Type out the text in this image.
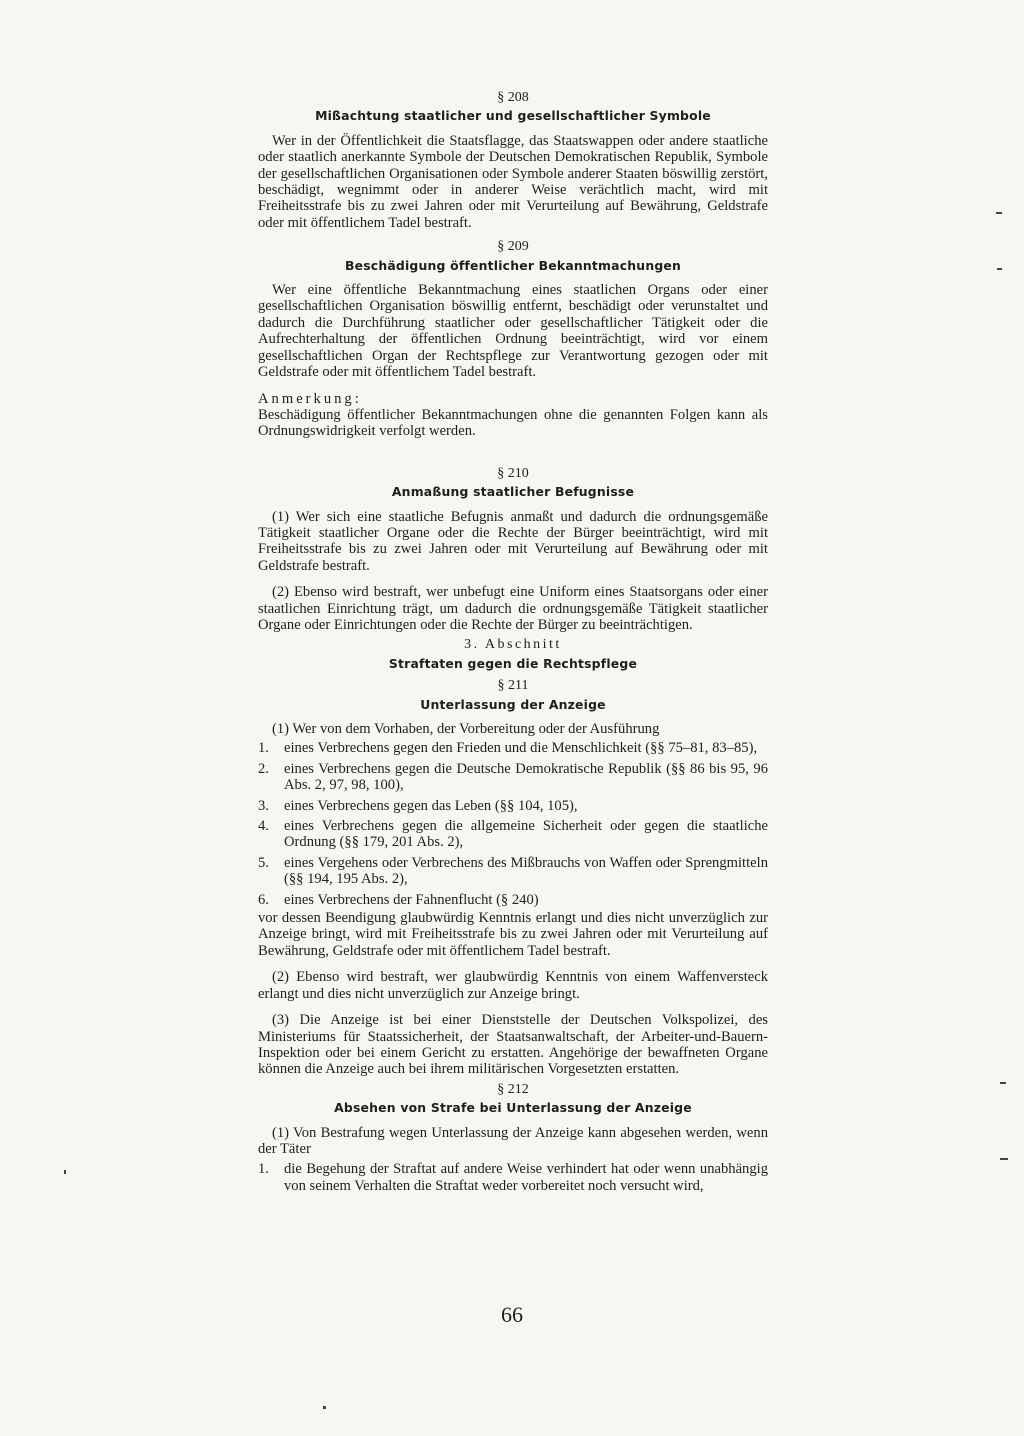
§ 208
Mißachtung staatlicher und gesellschaftlicher Symbole

Wer in der Öffentlichkeit die Staatsflagge, das Staatswappen oder andere staatliche oder staatlich anerkannte Symbole der Deutschen Demokratischen Republik, Symbole der gesellschaftlichen Organisationen oder Symbole anderer Staaten böswillig zerstört, beschädigt, wegnimmt oder in anderer Weise verächtlich macht, wird mit Freiheitsstrafe bis zu zwei Jahren oder mit Verurteilung auf Bewährung, Geldstrafe oder mit öffentlichem Tadel bestraft.

§ 209
Beschädigung öffentlicher Bekanntmachungen

Wer eine öffentliche Bekanntmachung eines staatlichen Organs oder einer gesellschaftlichen Organisation böswillig entfernt, beschädigt oder verunstaltet und dadurch die Durchführung staatlicher oder gesellschaftlicher Tätigkeit oder die Aufrechterhaltung der öffentlichen Ordnung beeinträchtigt, wird vor einem gesellschaftlichen Organ der Rechtspflege zur Verantwortung gezogen oder mit Geldstrafe oder mit öffentlichem Tadel bestraft.

Anmerkung:

Beschädigung öffentlicher Bekanntmachungen ohne die genannten Folgen kann als Ordnungswidrigkeit verfolgt werden.

§ 210
Anmaßung staatlicher Befugnisse

(1) Wer sich eine staatliche Befugnis anmaßt und dadurch die ordnungsgemäße Tätigkeit staatlicher Organe oder die Rechte der Bürger beeinträchtigt, wird mit Freiheitsstrafe bis zu zwei Jahren oder mit Verurteilung auf Bewährung oder mit Geldstrafe bestraft.

(2) Ebenso wird bestraft, wer unbefugt eine Uniform eines Staatsorgans oder einer staatlichen Einrichtung trägt, um dadurch die ordnungsgemäße Tätigkeit staatlicher Organe oder Einrichtungen oder die Rechte der Bürger zu beeinträchtigen.

3. Abschnitt
Straftaten gegen die Rechtspflege
§ 211
Unterlassung der Anzeige

(1) Wer von dem Vorhaben, der Vorbereitung oder der Ausführung

1.	eines Verbrechens gegen den Frieden und die Menschlichkeit (§§ 75–81, 83–85),
2.	eines Verbrechens gegen die Deutsche Demokratische Republik (§§ 86 bis 95, 96 Abs. 2, 97, 98, 100),
3.	eines Verbrechens gegen das Leben (§§ 104, 105),
4.	eines Verbrechens gegen die allgemeine Sicherheit oder gegen die staatliche Ordnung (§§ 179, 201 Abs. 2),
5.	eines Vergehens oder Verbrechens des Mißbrauchs von Waffen oder Sprengmitteln (§§ 194, 195 Abs. 2),
6.	eines Verbrechens der Fahnenflucht (§ 240)

vor dessen Beendigung glaubwürdig Kenntnis erlangt und dies nicht unverzüglich zur Anzeige bringt, wird mit Freiheitsstrafe bis zu zwei Jahren oder mit Verurteilung auf Bewährung, Geldstrafe oder mit öffentlichem Tadel bestraft.

(2) Ebenso wird bestraft, wer glaubwürdig Kenntnis von einem Waffenversteck erlangt und dies nicht unverzüglich zur Anzeige bringt.

(3) Die Anzeige ist bei einer Dienststelle der Deutschen Volkspolizei, des Ministeriums für Staatssicherheit, der Staatsanwaltschaft, der Arbeiter-und-Bauern-Inspektion oder bei einem Gericht zu erstatten. Angehörige der bewaffneten Organe können die Anzeige auch bei ihrem militärischen Vorgesetzten erstatten.

§ 212
Absehen von Strafe bei Unterlassung der Anzeige

(1) Von Bestrafung wegen Unterlassung der Anzeige kann abgesehen werden, wenn der Täter

1.	die Begehung der Straftat auf andere Weise verhindert hat oder wenn unabhängig von seinem Verhalten die Straftat weder vorbereitet noch versucht wird,
66
